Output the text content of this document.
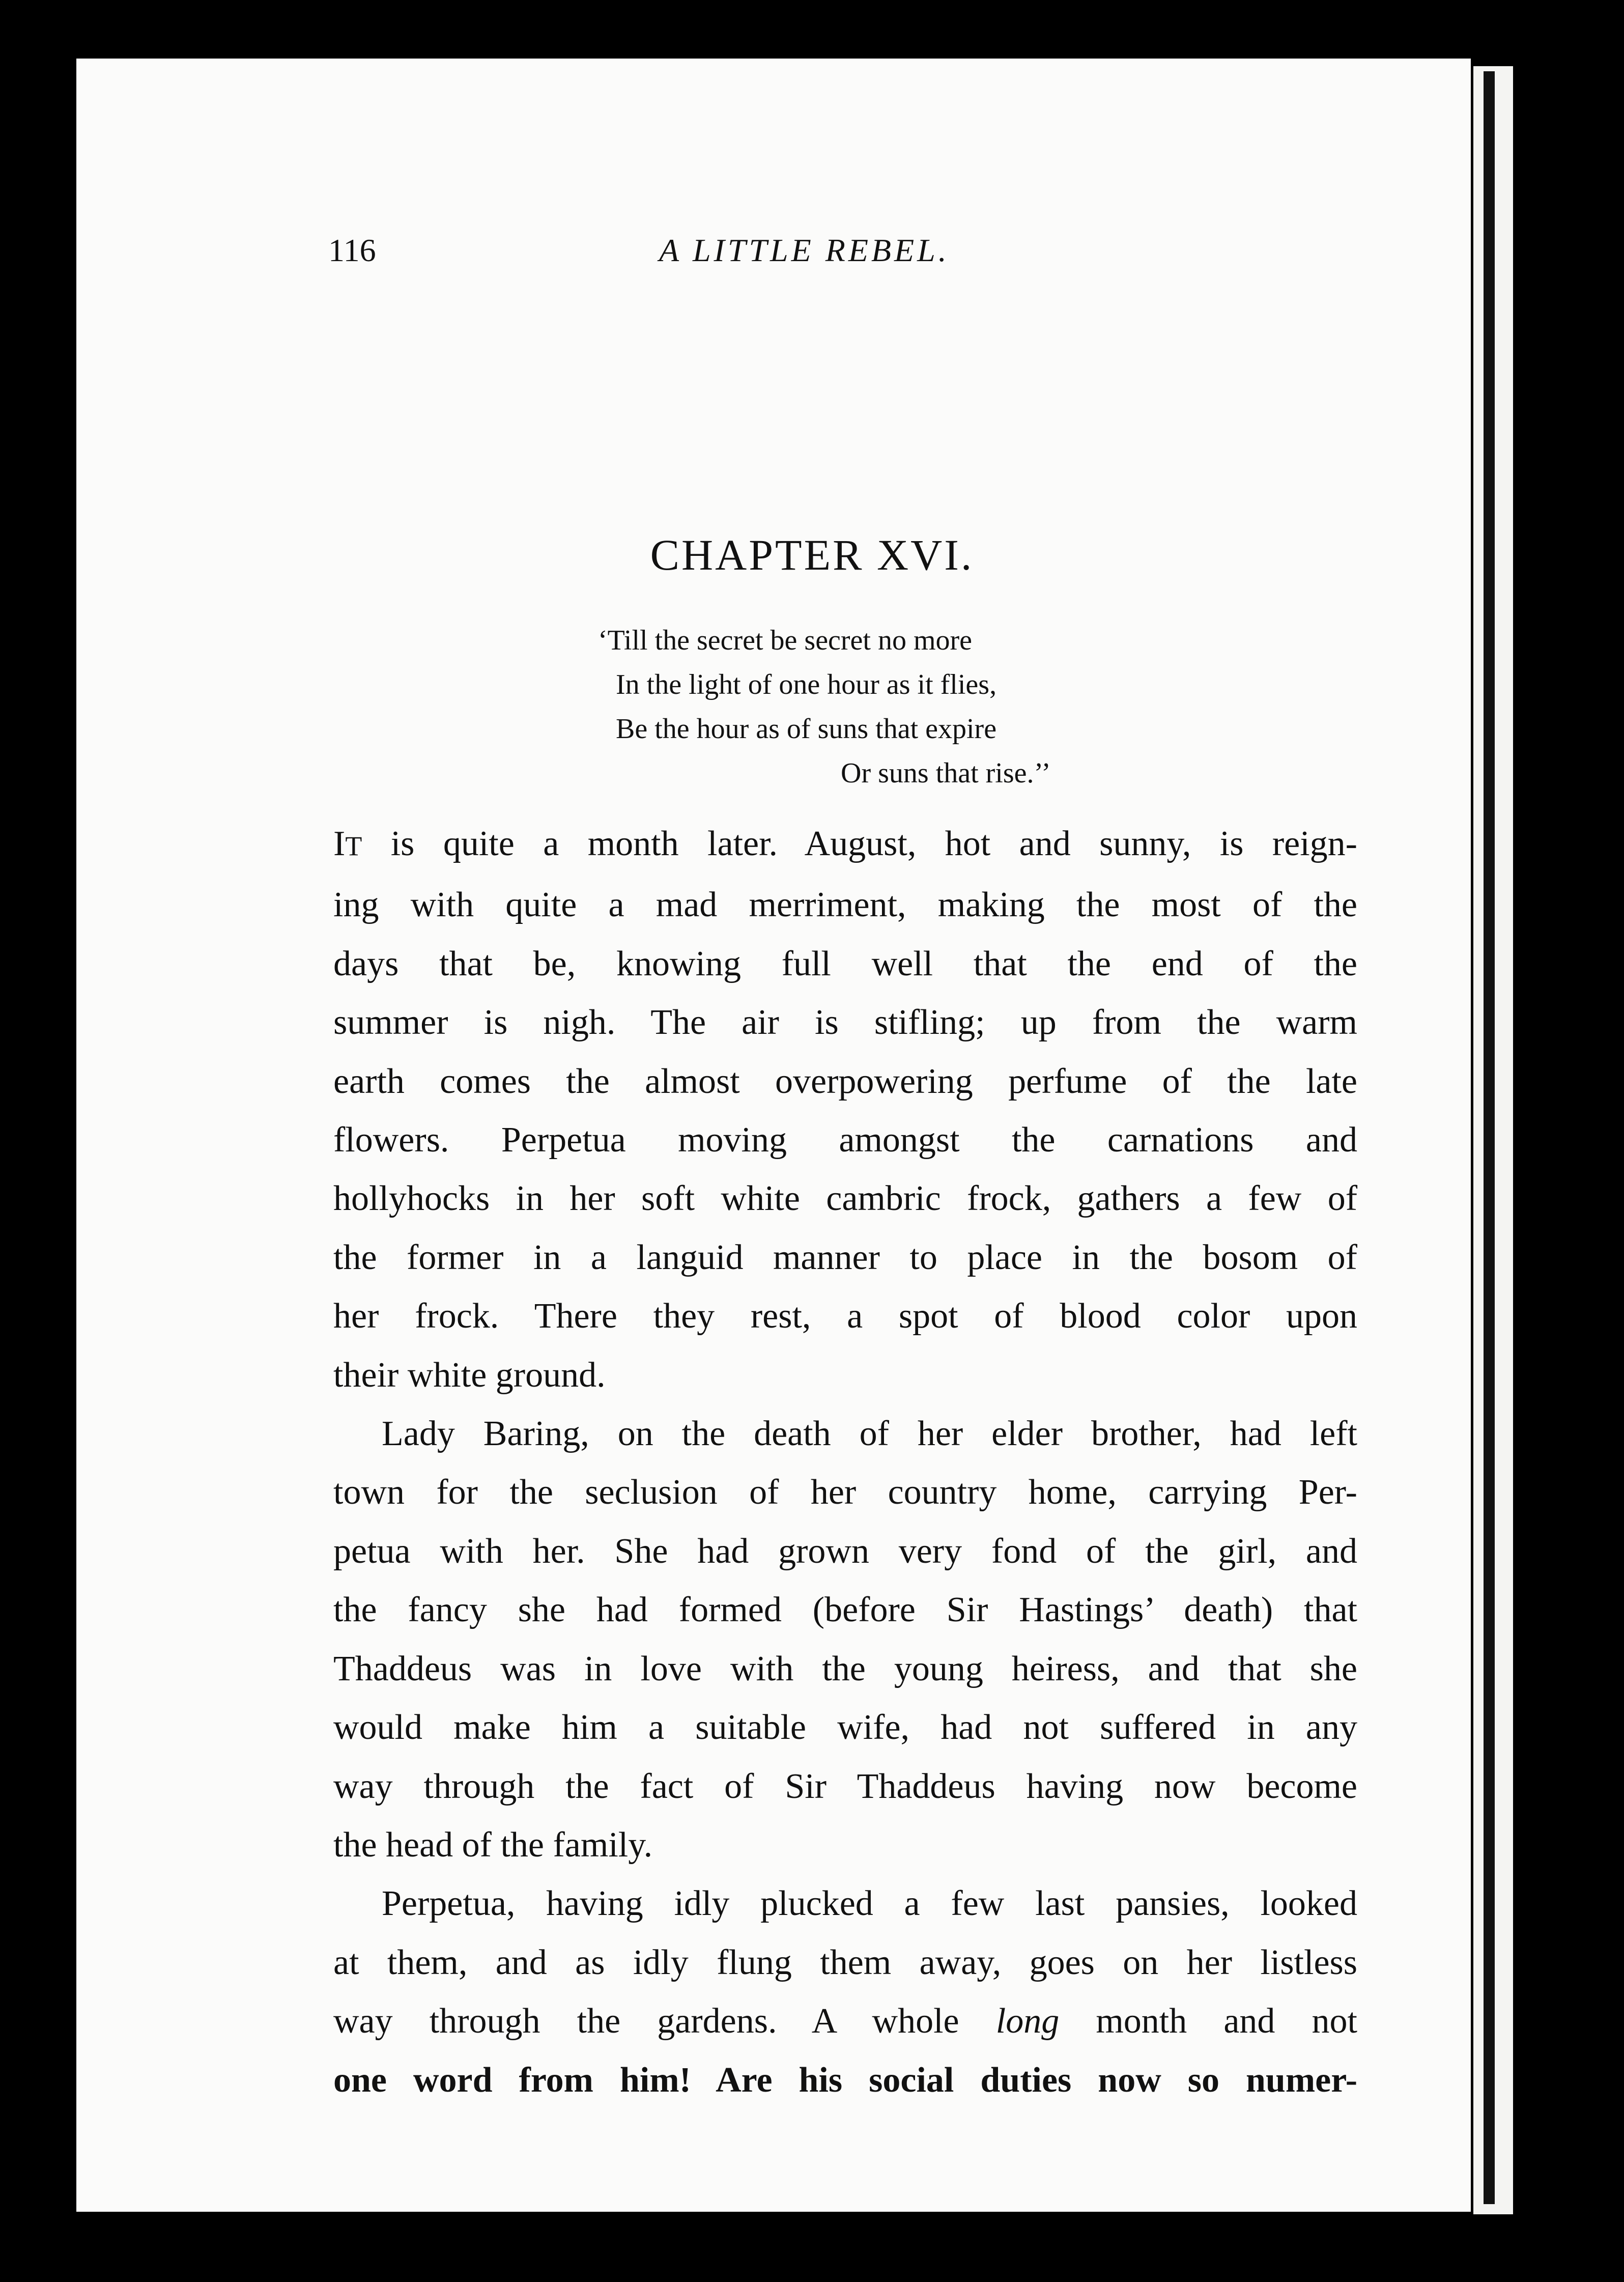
116	A LITTLE REBEL.
CHAPTER XVI.
‘Till the secret be secret no more
In the light of one hour as it flies,
Be the hour as of suns that expire
Or suns that rise.’’
IT is quite a month later. August, hot and sunny, is reign-
ing with quite a mad merriment, making the most of the
days that be, knowing full well that the end of the
summer is nigh. The air is stifling; up from the warm
earth comes the almost overpowering perfume of the late
flowers. Perpetua moving amongst the carnations and
hollyhocks in her soft white cambric frock, gathers a few of
the former in a languid manner to place in the bosom of
her frock. There they rest, a spot of blood color upon
their white ground.
Lady Baring, on the death of her elder brother, had left
town for the seclusion of her country home, carrying Per-
petua with her. She had grown very fond of the girl, and
the fancy she had formed (before Sir Hastings’ death) that
Thaddeus was in love with the young heiress, and that she
would make him a suitable wife, had not suffered in any
way through the fact of Sir Thaddeus having now become
the head of the family.
Perpetua, having idly plucked a few last pansies, looked
at them, and as idly flung them away, goes on her listless
way through the gardens. A whole long month and not
one word from him! Are his social duties now so numer-
